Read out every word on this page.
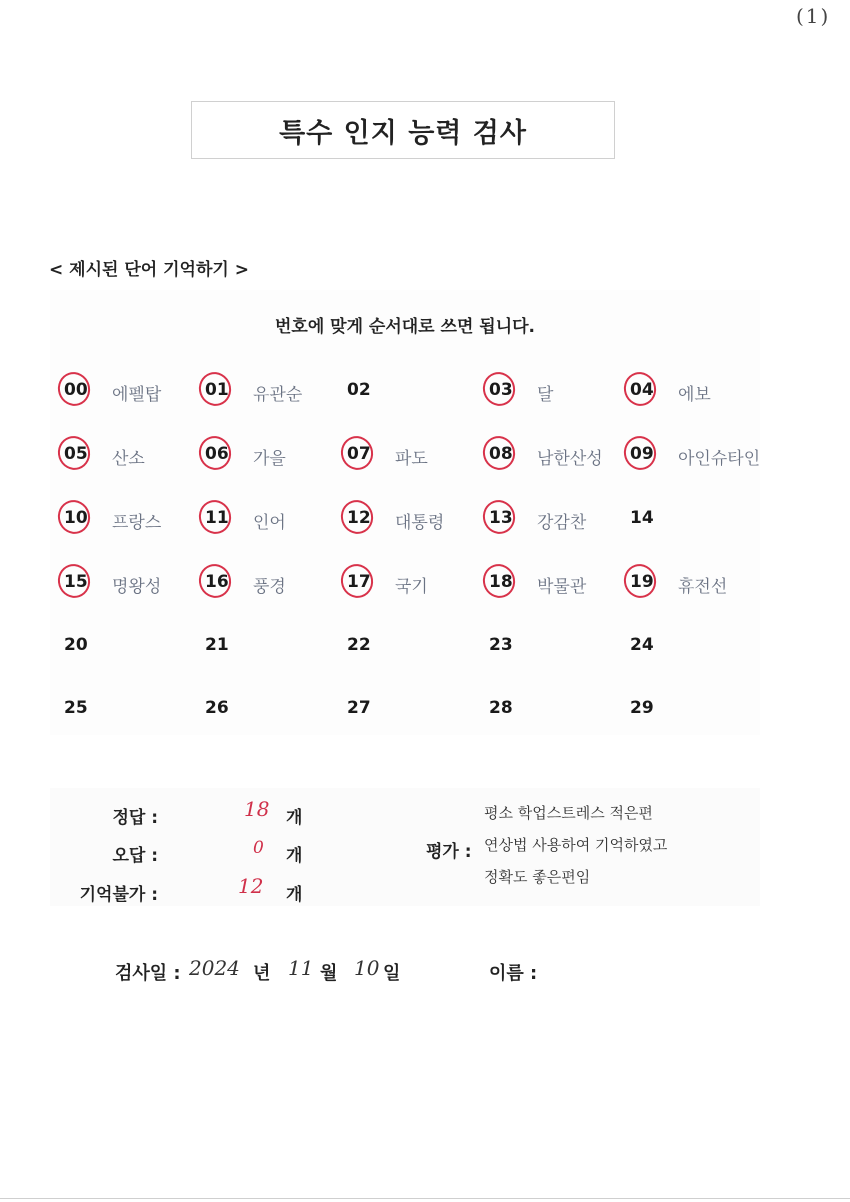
(1)
특수 인지 능력 검사
< 제시된 단어 기억하기 >
번호에 맞게 순서대로 쓰면 됩니다.
00 에펠탑	01 유관순	02	03 달	04 에보
05 산소	06 가을	07 파도	08 남한산성 09 아인슈타인
10 프랑스	11 인어	12 대통령	13 강감찬	14
15 명왕성	16 풍경	17 국기	18 박물관	19 휴전선
20	21	22	23	24
25	26	27	28	29
정답 :	18 개
오답 :	0 개
기억불가 :	12 개
평가 :
평소 학업스트레스 적은편
연상법 사용하여 기억하였고
정확도 좋은편임
검사일 : 2024 년 11 월 10 일	이름 :
